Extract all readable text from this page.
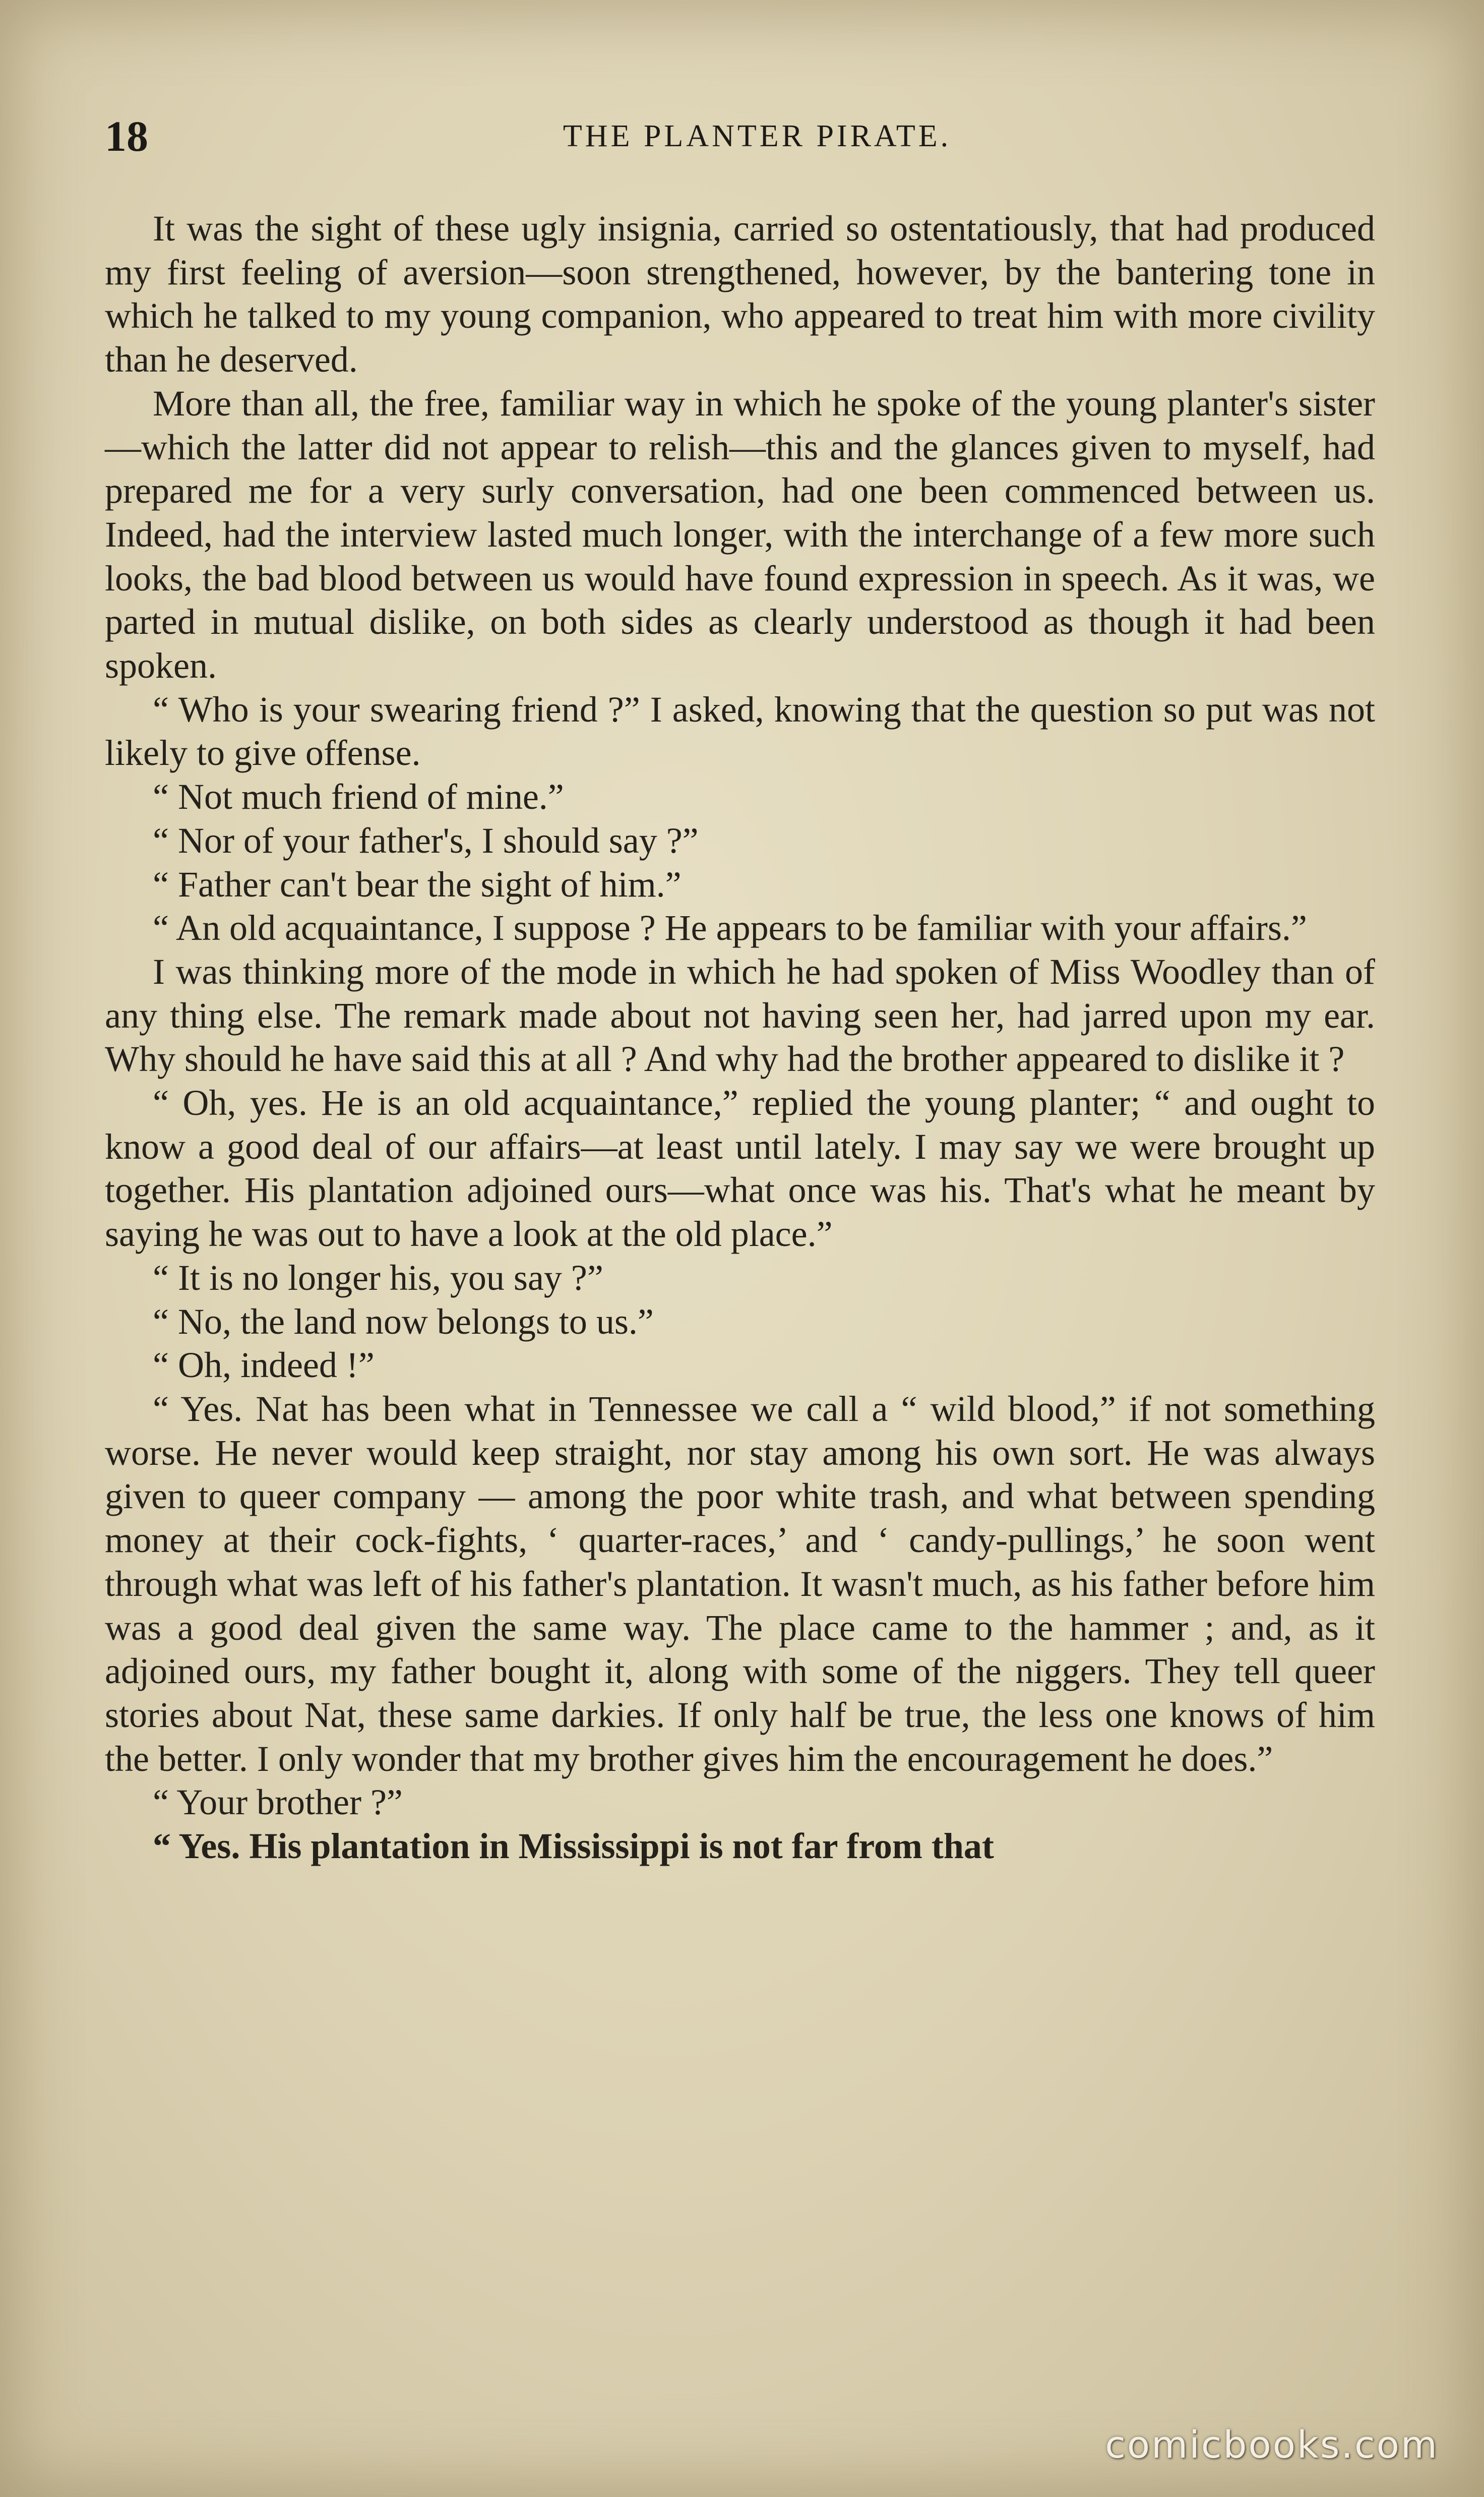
18	THE PLANTER PIRATE.

It was the sight of these ugly insignia, carried so ostentatiously, that had produced my first feeling of aversion—soon strengthened, however, by the bantering tone in which he talked to my young companion, who appeared to treat him with more civility than he deserved.

More than all, the free, familiar way in which he spoke of the young planter's sister—which the latter did not appear to relish—this and the glances given to myself, had prepared me for a very surly conversation, had one been commenced between us. Indeed, had the interview lasted much longer, with the interchange of a few more such looks, the bad blood between us would have found expression in speech. As it was, we parted in mutual dislike, on both sides as clearly understood as though it had been spoken.

“ Who is your swearing friend ?” I asked, knowing that the question so put was not likely to give offense.

“ Not much friend of mine.”

“ Nor of your father's, I should say ?”

“ Father can't bear the sight of him.”

“ An old acquaintance, I suppose ? He appears to be familiar with your affairs.”

I was thinking more of the mode in which he had spoken of Miss Woodley than of any thing else. The remark made about not having seen her, had jarred upon my ear. Why should he have said this at all ? And why had the brother appeared to dislike it ?

“ Oh, yes. He is an old acquaintance,” replied the young planter; “ and ought to know a good deal of our affairs—at least until lately. I may say we were brought up together. His plantation adjoined ours—what once was his. That's what he meant by saying he was out to have a look at the old place.”

“ It is no longer his, you say ?”

“ No, the land now belongs to us.”

“ Oh, indeed !”

“ Yes. Nat has been what in Tennessee we call a “ wild blood,” if not something worse. He never would keep straight, nor stay among his own sort. He was always given to queer company — among the poor white trash, and what between spending money at their cock-fights, ‘ quarter-races,’ and ‘ candy-pullings,’ he soon went through what was left of his father's plantation. It wasn't much, as his father before him was a good deal given the same way. The place came to the hammer ; and, as it adjoined ours, my father bought it, along with some of the niggers. They tell queer stories about Nat, these same darkies. If only half be true, the less one knows of him the better. I only wonder that my brother gives him the encouragement he does.”

“ Your brother ?”

“ Yes. His plantation in Mississippi is not far from that

comicbooks.com
